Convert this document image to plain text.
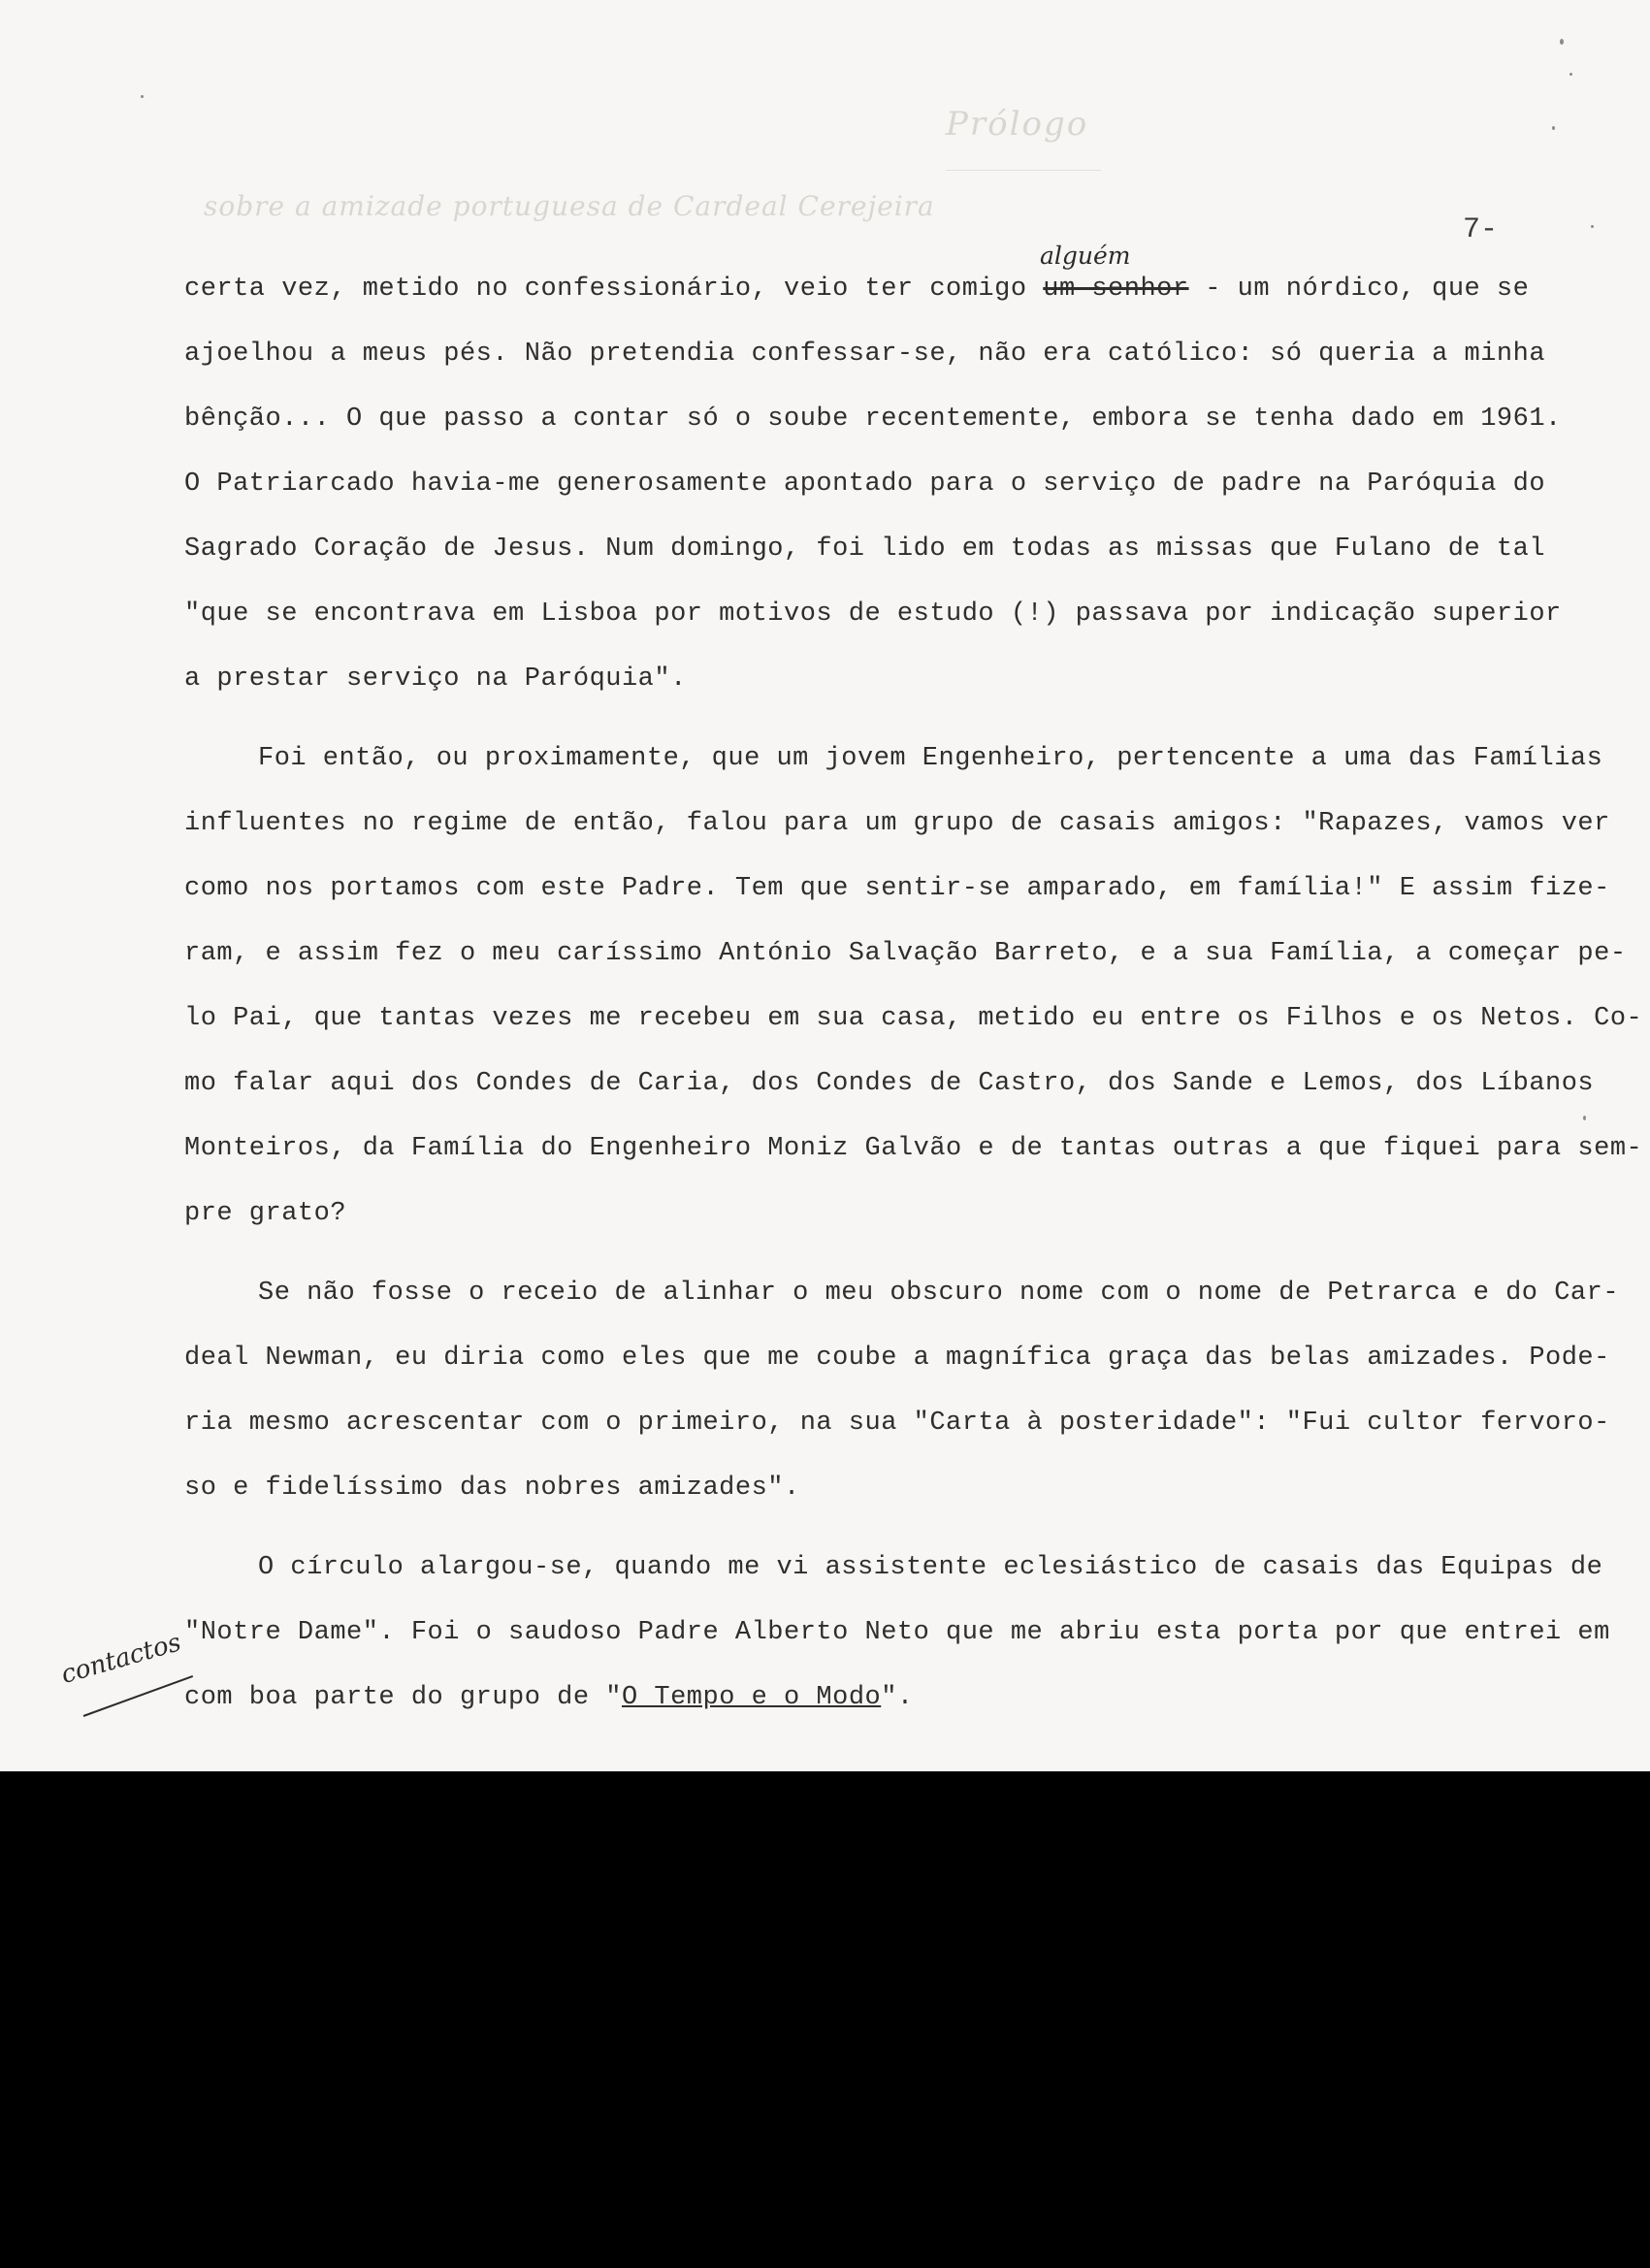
Prólogo
sobre a amizade portuguesa de Cardeal Cerejeira
7-
alguém

certa vez, metido no confessionário, veio ter comigo um senhor - um nórdico, que se

ajoelhou a meus pés. Não pretendia confessar-se, não era católico: só queria a minha

bênção... O que passo a contar só o soube recentemente, embora se tenha dado em 1961.

O Patriarcado havia-me generosamente apontado para o serviço de padre na Paróquia do

Sagrado Coração de Jesus. Num domingo, foi lido em todas as missas que Fulano de tal

"que se encontrava em Lisboa por motivos de estudo (!) passava por indicação superior

a prestar serviço na Paróquia".

Foi então, ou proximamente, que um jovem Engenheiro, pertencente a uma das Famílias

influentes no regime de então, falou para um grupo de casais amigos: "Rapazes, vamos ver

como nos portamos com este Padre. Tem que sentir-se amparado, em família!" E assim fize-

ram, e assim fez o meu caríssimo António Salvação Barreto, e a sua Família, a começar pe-

lo Pai, que tantas vezes me recebeu em sua casa, metido eu entre os Filhos e os Netos. Co-

mo falar aqui dos Condes de Caria, dos Condes de Castro, dos Sande e Lemos, dos Líbanos

Monteiros, da Família do Engenheiro Moniz Galvão e de tantas outras a que fiquei para sem-

pre grato?

Se não fosse o receio de alinhar o meu obscuro nome com o nome de Petrarca e do Car-

deal Newman, eu diria como eles que me coube a magnífica graça das belas amizades. Pode-

ria mesmo acrescentar com o primeiro, na sua "Carta à posteridade": "Fui cultor fervoro-

so e fidelíssimo das nobres amizades".

O círculo alargou-se, quando me vi assistente eclesiástico de casais das Equipas de

"Notre Dame". Foi o saudoso Padre Alberto Neto que me abriu esta porta por que entrei em

com boa parte do grupo de "O Tempo e o Modo".

contactos
